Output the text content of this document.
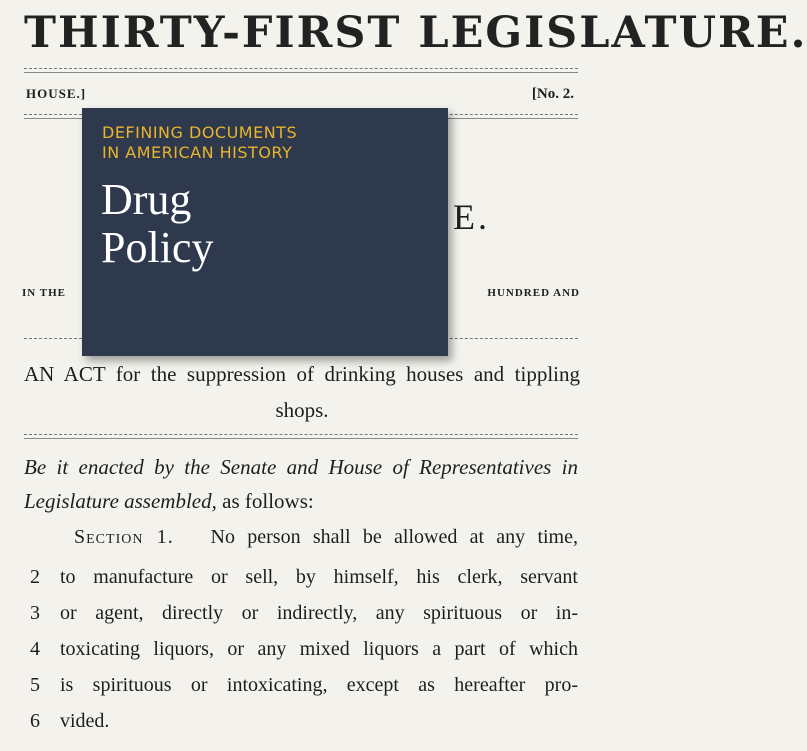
THIRTY-FIRST LEGISLATURE.
HOUSE.]	[No. 2.
E.
IN THE	HUNDRED AND
AN ACT for the suppression of drinking houses and tippling shops.
Be it enacted by the Senate and House of Representatives in Legislature assembled, as follows:
Section 1. No person shall be allowed at any time,
2	to manufacture or sell, by himself, his clerk, servant
3	or agent, directly or indirectly, any spirituous or in-
4	toxicating liquors, or any mixed liquors a part of which
5	is spirituous or intoxicating, except as hereafter pro-
6	vided.
DEFINING DOCUMENTS
IN AMERICAN HISTORY
Drug
Policy
